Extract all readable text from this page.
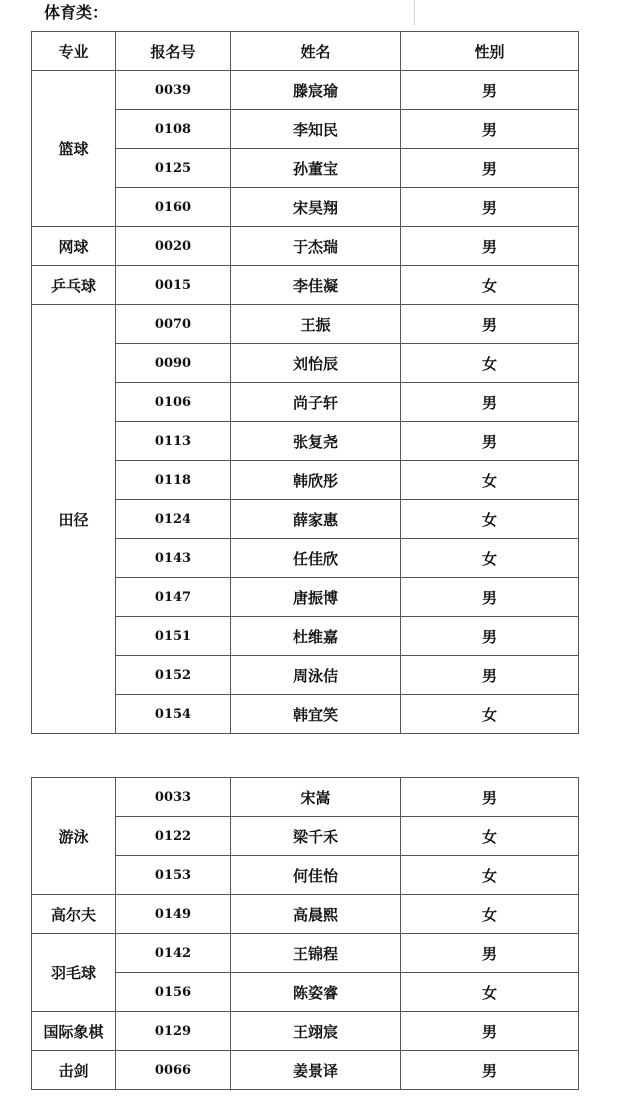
体育类：
专业	报名号	姓名	性别
篮球	0039	滕宸瑜	男
	0108	李知民	男
	0125	孙董宝	男
	0160	宋昊翔	男
网球	0020	于杰瑞	男
乒乓球	0015	李佳凝	女
田径	0070	王振	男
	0090	刘怡辰	女
	0106	尚子轩	男
	0113	张复尧	男
	0118	韩欣彤	女
	0124	薛家惠	女
	0143	任佳欣	女
	0147	唐振博	男
	0151	杜维嘉	男
	0152	周泳佶	男
	0154	韩宜笑	女
游泳	0033	宋嵩	男
	0122	梁千禾	女
	0153	何佳怡	女
高尔夫	0149	高晨熙	女
羽毛球	0142	王锦程	男
	0156	陈姿睿	女
国际象棋	0129	王翊宸	男
击剑	0066	姜景译	男
